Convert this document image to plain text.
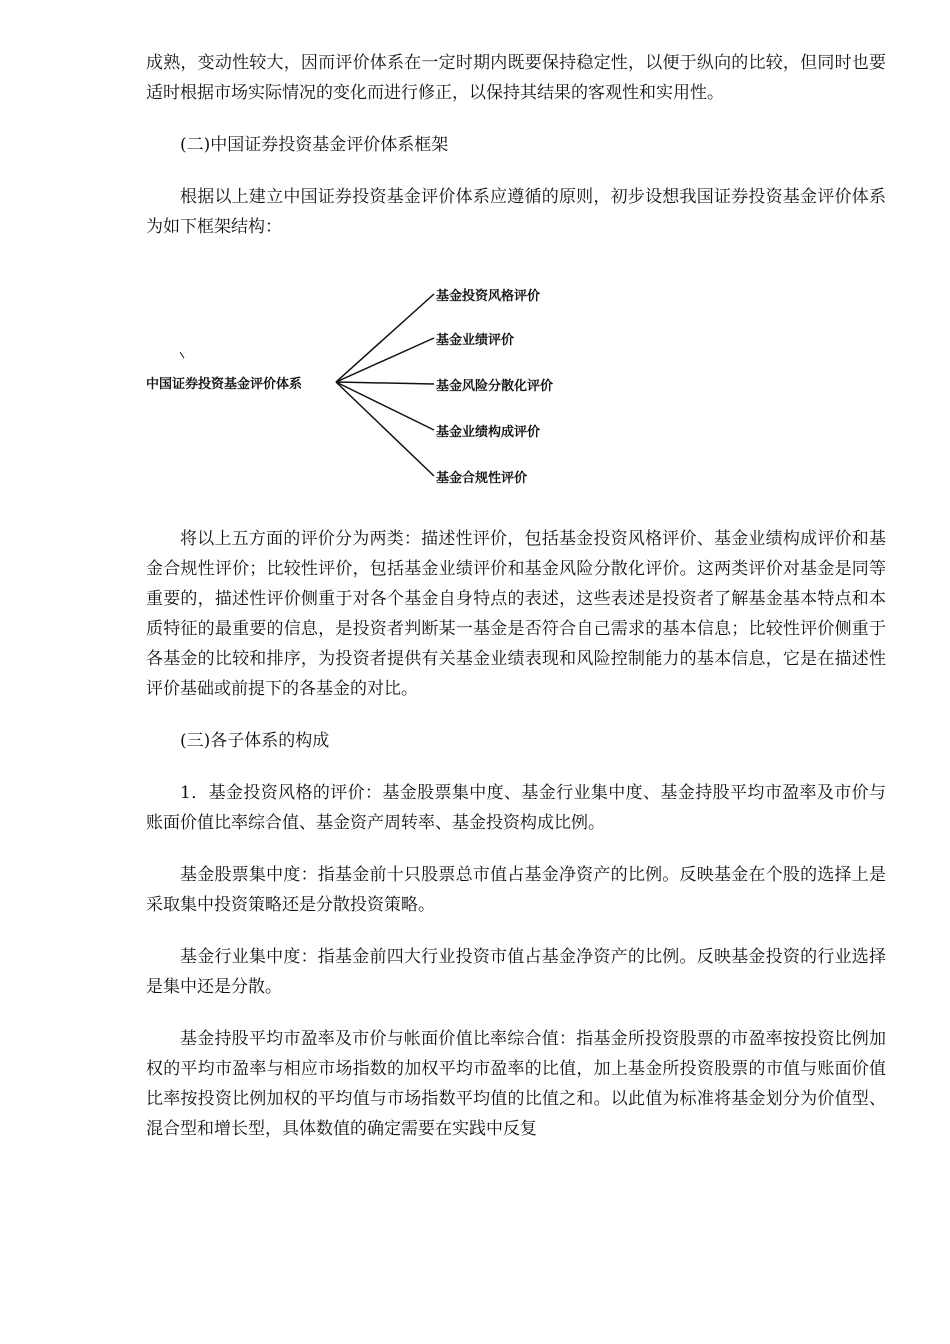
成熟，变动性较大，因而评价体系在一定时期内既要保持稳定性，以便于纵向的比较，但同时也要适时根据市场实际情况的变化而进行修正，以保持其结果的客观性和实用性。

(二)中国证券投资基金评价体系框架

根据以上建立中国证券投资基金评价体系应遵循的原则，初步设想我国证券投资基金评价体系为如下框架结构：

中国证券投资基金评价体系
基金投资风格评价
基金业绩评价
基金风险分散化评价
基金业绩构成评价
基金合规性评价

将以上五方面的评价分为两类：描述性评价，包括基金投资风格评价、基金业绩构成评价和基金合规性评价；比较性评价，包括基金业绩评价和基金风险分散化评价。这两类评价对基金是同等重要的，描述性评价侧重于对各个基金自身特点的表述，这些表述是投资者了解基金基本特点和本质特征的最重要的信息，是投资者判断某一基金是否符合自己需求的基本信息；比较性评价侧重于各基金的比较和排序，为投资者提供有关基金业绩表现和风险控制能力的基本信息，它是在描述性评价基础或前提下的各基金的对比。

(三)各子体系的构成

1．基金投资风格的评价：基金股票集中度、基金行业集中度、基金持股平均市盈率及市价与账面价值比率综合值、基金资产周转率、基金投资构成比例。

基金股票集中度：指基金前十只股票总市值占基金净资产的比例。反映基金在个股的选择上是采取集中投资策略还是分散投资策略。

基金行业集中度：指基金前四大行业投资市值占基金净资产的比例。反映基金投资的行业选择是集中还是分散。

基金持股平均市盈率及市价与帐面价值比率综合值：指基金所投资股票的市盈率按投资比例加权的平均市盈率与相应市场指数的加权平均市盈率的比值，加上基金所投资股票的市值与账面价值比率按投资比例加权的平均值与市场指数平均值的比值之和。以此值为标准将基金划分为价值型、混合型和增长型，具体数值的确定需要在实践中反复
